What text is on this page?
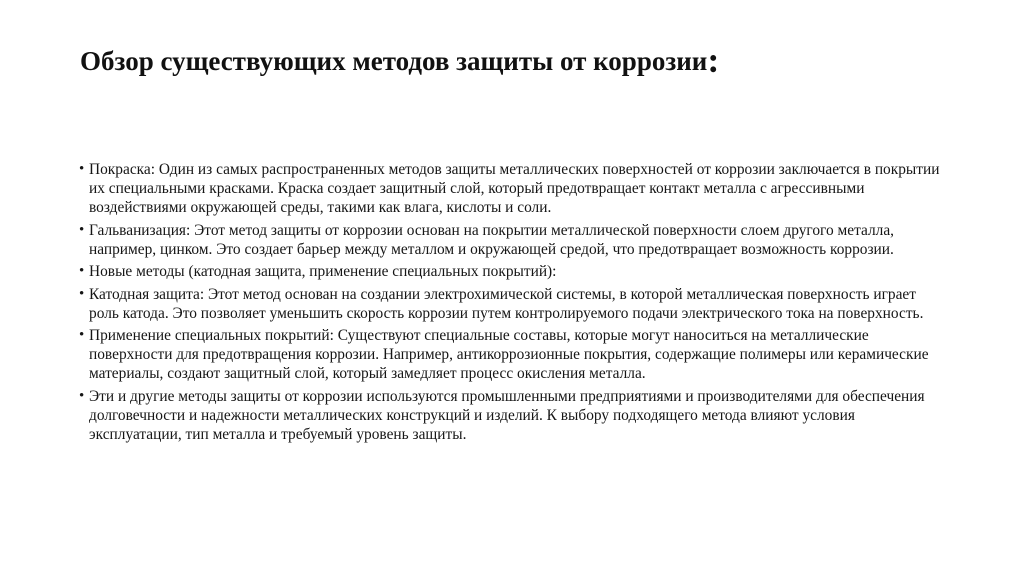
Обзор существующих методов защиты от коррозии:
• Покраска: Один из самых распространенных методов защиты металлических поверхностей от коррозии заключается в покрытии их специальными красками. Краска создает защитный слой, который предотвращает контакт металла с агрессивными воздействиями окружающей среды, такими как влага, кислоты и соли.
• Гальванизация: Этот метод защиты от коррозии основан на покрытии металлической поверхности слоем другого металла, например, цинком. Это создает барьер между металлом и окружающей средой, что предотвращает возможность коррозии.
• Новые методы (катодная защита, применение специальных покрытий):
• Катодная защита: Этот метод основан на создании электрохимической системы, в которой металлическая поверхность играет роль катода. Это позволяет уменьшить скорость коррозии путем контролируемого подачи электрического тока на поверхность.
• Применение специальных покрытий: Существуют специальные составы, которые могут наноситься на металлические поверхности для предотвращения коррозии. Например, антикоррозионные покрытия, содержащие полимеры или керамические материалы, создают защитный слой, который замедляет процесс окисления металла.
• Эти и другие методы защиты от коррозии используются промышленными предприятиями и производителями для обеспечения долговечности и надежности металлических конструкций и изделий. К выбору подходящего метода влияют условия эксплуатации, тип металла и требуемый уровень защиты.
